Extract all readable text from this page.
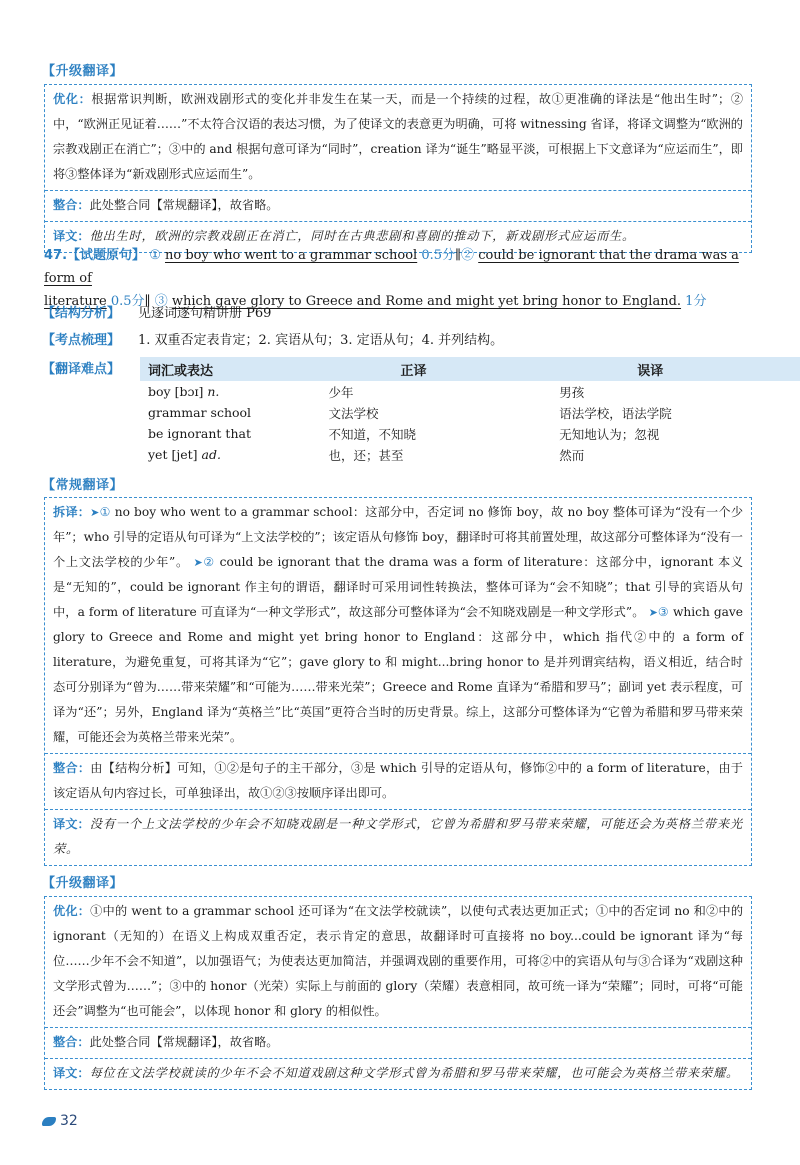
【升级翻译】
优化：根据常识判断，欧洲戏剧形式的变化并非发生在某一天，而是一个持续的过程，故①更准确的译法是“他出生时”；②中，“欧洲正见证着……”不太符合汉语的表达习惯，为了使译文的表意更为明确，可将 witnessing 省译，将译文调整为“欧洲的宗教戏剧正在消亡”；③中的 and 根据句意可译为“同时”，creation 译为“诞生”略显平淡，可根据上下文意译为“应运而生”，即将③整体译为“新戏剧形式应运而生”。
整合：此处整合同【常规翻译】，故省略。
译文：他出生时，欧洲的宗教戏剧正在消亡，同时在古典悲剧和喜剧的推动下，新戏剧形式应运而生。
47.【试题原句】 ① no boy who went to a grammar school 0.5分∥② could be ignorant that the drama was a form of
literature 0.5分∥ ③ which gave glory to Greece and Rome and might yet bring honor to England. 1分
【结构分析】 见逐词逐句精讲册 P69
【考点梳理】 1. 双重否定表肯定；2. 宾语从句；3. 定语从句；4. 并列结构。
【翻译难点】	词汇或表达	正译	误译
boy [bɔɪ] n.	少年	男孩
grammar school	文法学校	语法学校，语法学院
be ignorant that	不知道，不知晓	无知地认为；忽视
yet [jet] ad.	也，还；甚至	然而
【常规翻译】
拆译：➤① no boy who went to a grammar school：这部分中，否定词 no 修饰 boy，故 no boy 整体可译为“没有一个少年”；who 引导的定语从句可译为“上文法学校的”；该定语从句修饰 boy，翻译时可将其前置处理，故这部分可整体译为“没有一个上文法学校的少年”。 ➤② could be ignorant that the drama was a form of literature：这部分中，ignorant 本义是“无知的”，could be ignorant 作主句的谓语，翻译时可采用词性转换法，整体可译为“会不知晓”；that 引导的宾语从句中，a form of literature 可直译为“一种文学形式”，故这部分可整体译为“会不知晓戏剧是一种文学形式”。 ➤③ which gave glory to Greece and Rome and might yet bring honor to England：这部分中，which 指代②中的 a form of literature，为避免重复，可将其译为“它”；gave glory to 和 might...bring honor to 是并列谓宾结构，语义相近，结合时态可分别译为“曾为……带来荣耀”和“可能为……带来光荣”；Greece and Rome 直译为“希腊和罗马”；副词 yet 表示程度，可译为“还”；另外，England 译为“英格兰”比“英国”更符合当时的历史背景。综上，这部分可整体译为“它曾为希腊和罗马带来荣耀，可能还会为英格兰带来光荣”。
整合：由【结构分析】可知，①②是句子的主干部分，③是 which 引导的定语从句，修饰②中的 a form of literature，由于该定语从句内容过长，可单独译出，故①②③按顺序译出即可。
译文：没有一个上文法学校的少年会不知晓戏剧是一种文学形式，它曾为希腊和罗马带来荣耀，可能还会为英格兰带来光荣。
【升级翻译】
优化：①中的 went to a grammar school 还可译为“在文法学校就读”，以使句式表达更加正式；①中的否定词 no 和②中的 ignorant（无知的）在语义上构成双重否定，表示肯定的意思，故翻译时可直接将 no boy...could be ignorant 译为“每位……少年不会不知道”，以加强语气；为使表达更加简洁，并强调戏剧的重要作用，可将②中的宾语从句与③合译为“戏剧这种文学形式曾为……”；③中的 honor（光荣）实际上与前面的 glory（荣耀）表意相同，故可统一译为“荣耀”；同时，可将“可能还会”调整为“也可能会”，以体现 honor 和 glory 的相似性。
整合：此处整合同【常规翻译】，故省略。
译文：每位在文法学校就读的少年不会不知道戏剧这种文学形式曾为希腊和罗马带来荣耀，也可能会为英格兰带来荣耀。
32
